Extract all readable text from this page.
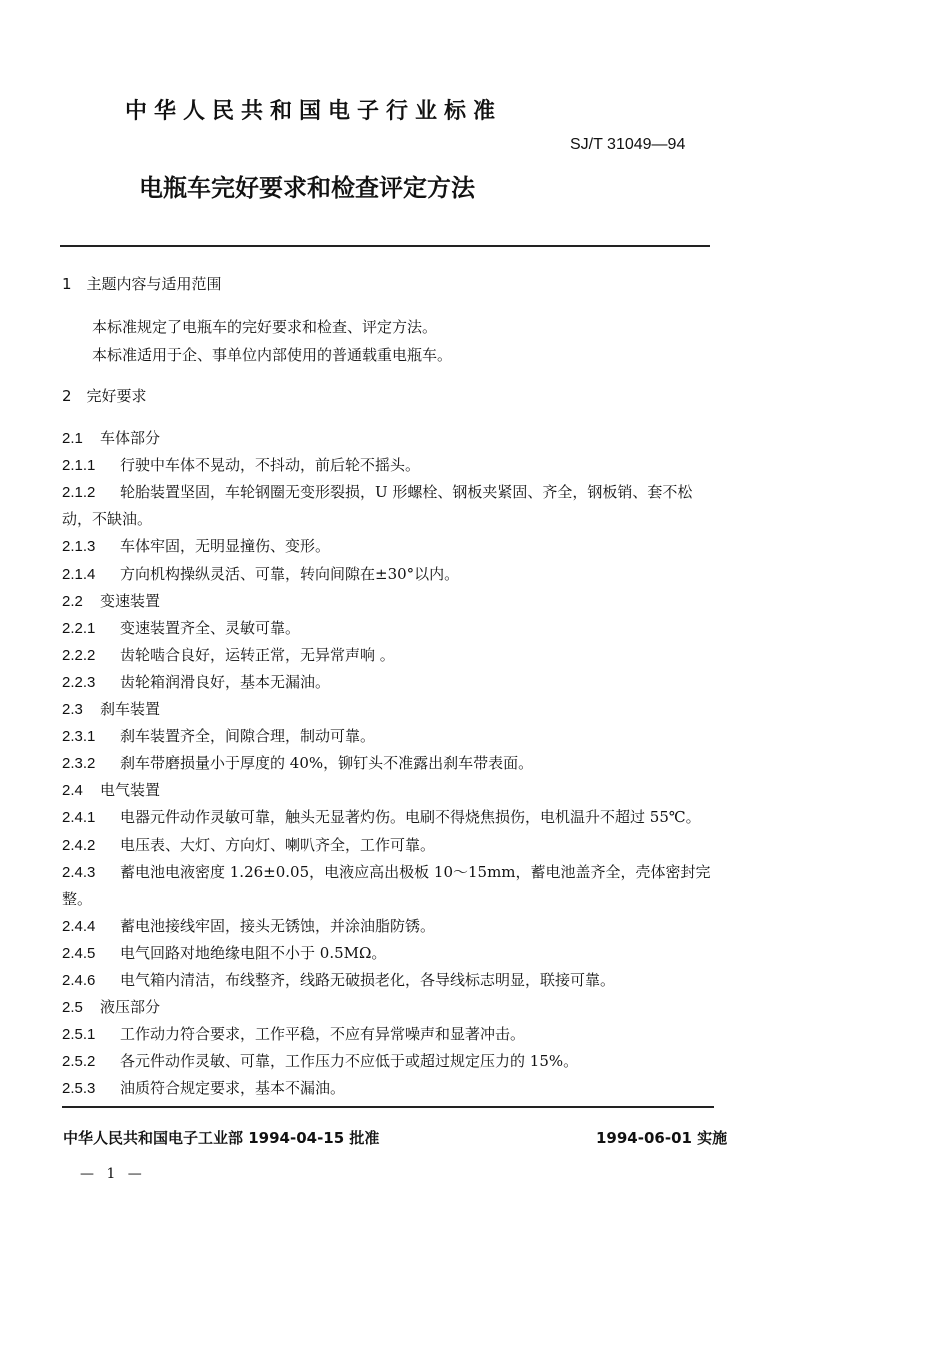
中华人民共和国电子行业标准
SJ/T 31049—94
电瓶车完好要求和检查评定方法
1　主题内容与适用范围
本标准规定了电瓶车的完好要求和检查、评定方法。
本标准适用于企、事单位内部使用的普通载重电瓶车。
2　完好要求
2.1 车体部分
2.1.1 行驶中车体不晃动，不抖动，前后轮不摇头。
2.1.2 轮胎装置坚固，车轮钢圈无变形裂损，U 形螺栓、钢板夹紧固、齐全，钢板销、套不松
动，不缺油。
2.1.3 车体牢固，无明显撞伤、变形。
2.1.4 方向机构操纵灵活、可靠，转向间隙在±30°以内。
2.2 变速装置
2.2.1 变速装置齐全、灵敏可靠。
2.2.2 齿轮啮合良好，运转正常，无异常声响 。
2.2.3 齿轮箱润滑良好，基本无漏油。
2.3 刹车装置
2.3.1 刹车装置齐全，间隙合理，制动可靠。
2.3.2 刹车带磨损量小于厚度的 40%，铆钉头不准露出刹车带表面。
2.4 电气装置
2.4.1 电器元件动作灵敏可靠，触头无显著灼伤。电刷不得烧焦损伤，电机温升不超过 55℃。
2.4.2 电压表、大灯、方向灯、喇叭齐全，工作可靠。
2.4.3 蓄电池电液密度 1.26±0.05，电液应高出极板 10～15mm，蓄电池盖齐全，壳体密封完
整。
2.4.4 蓄电池接线牢固，接头无锈蚀，并涂油脂防锈。
2.4.5 电气回路对地绝缘电阻不小于 0.5MΩ。
2.4.6 电气箱内清洁，布线整齐，线路无破损老化，各导线标志明显，联接可靠。
2.5 液压部分
2.5.1 工作动力符合要求，工作平稳，不应有异常噪声和显著冲击。
2.5.2 各元件动作灵敏、可靠，工作压力不应低于或超过规定压力的 15%。
2.5.3 油质符合规定要求，基本不漏油。
中华人民共和国电子工业部 1994-04-15 批准	1994-06-01 实施
— 1 —
